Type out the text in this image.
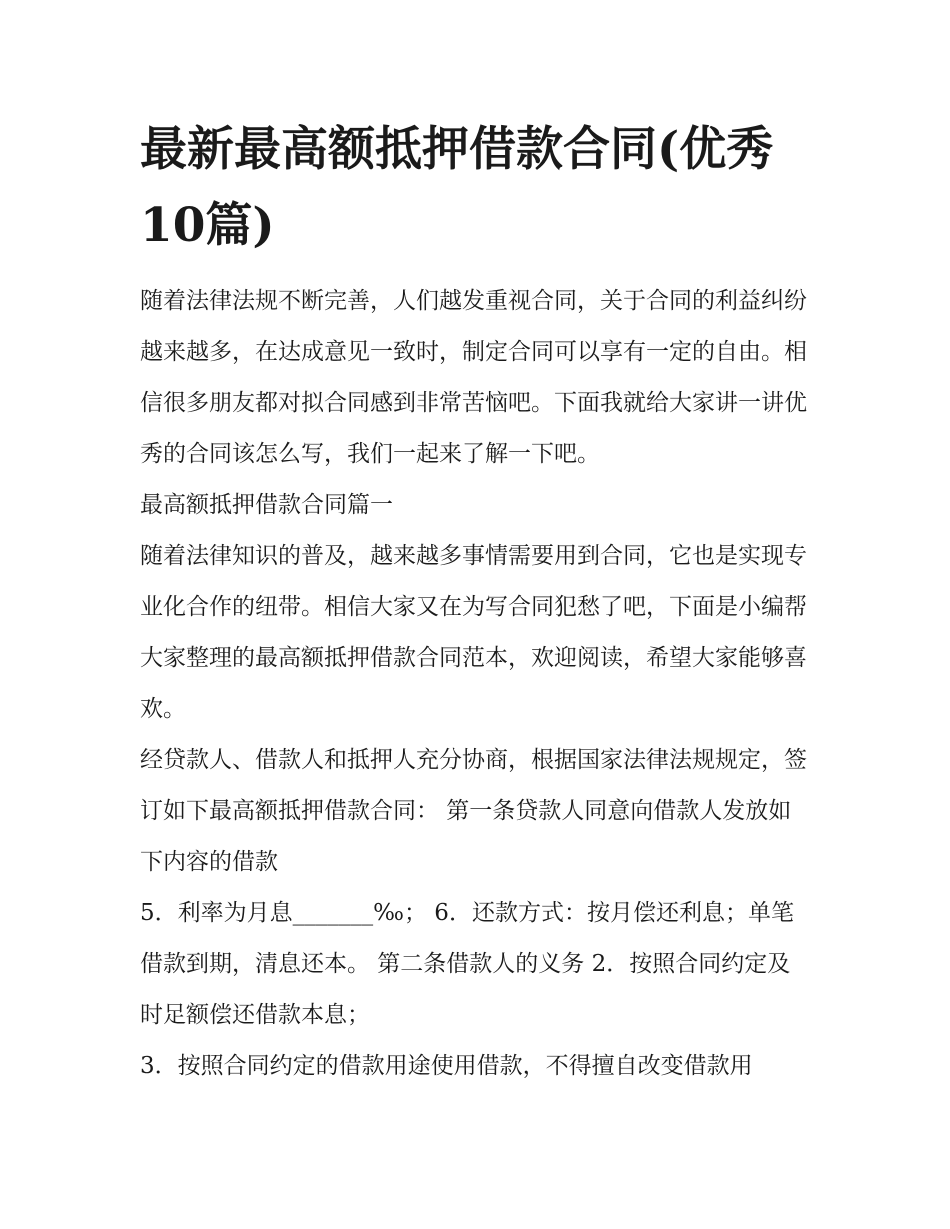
最新最高额抵押借款合同(优秀10篇)

随着法律法规不断完善，人们越发重视合同，关于合同的利益纠纷越来越多，在达成意见一致时，制定合同可以享有一定的自由。相信很多朋友都对拟合同感到非常苦恼吧。下面我就给大家讲一讲优秀的合同该怎么写，我们一起来了解一下吧。

最高额抵押借款合同篇一

随着法律知识的普及，越来越多事情需要用到合同，它也是实现专业化合作的纽带。相信大家又在为写合同犯愁了吧，下面是小编帮大家整理的最高额抵押借款合同范本，欢迎阅读，希望大家能够喜欢。

经贷款人、借款人和抵押人充分协商，根据国家法律法规规定，签订如下最高额抵押借款合同： 第一条贷款人同意向借款人发放如下内容的借款

5．利率为月息_______‰； 6．还款方式：按月偿还利息；单笔借款到期，清息还本。 第二条借款人的义务 2．按照合同约定及时足额偿还借款本息；

3．按照合同约定的借款用途使用借款，不得擅自改变借款用
